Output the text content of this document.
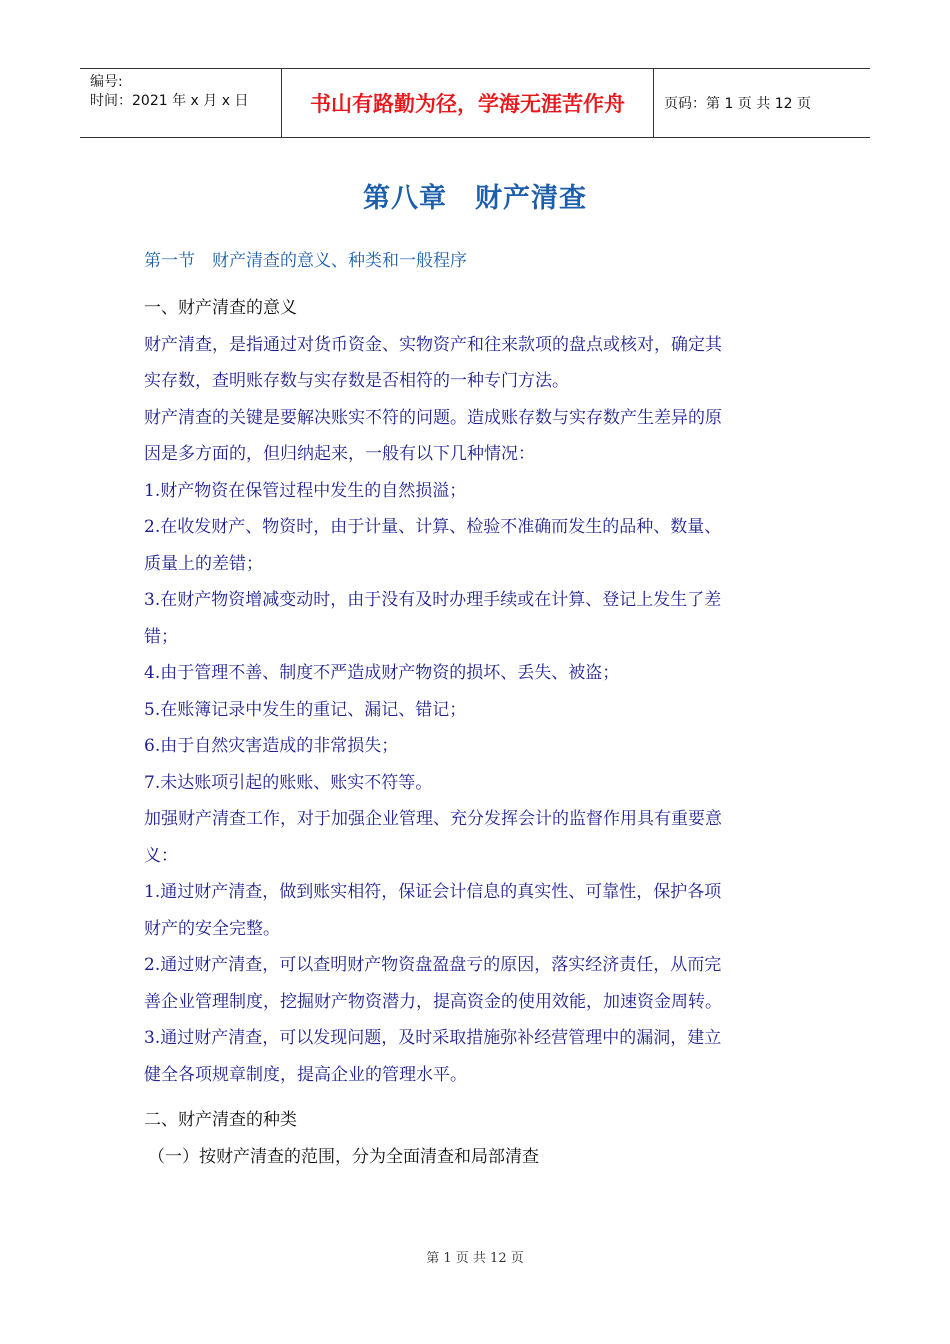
编号:
时间：2021 年 x 月 x 日	书山有路勤为径，学海无涯苦作舟	页码：第 1 页 共 12 页
第八章　财产清查
第一节　财产清查的意义、种类和一般程序

一、财产清查的意义

财产清查，是指通过对货币资金、实物资产和往来款项的盘点或核对，确定其

实存数，查明账存数与实存数是否相符的一种专门方法。

财产清查的关键是要解决账实不符的问题。造成账存数与实存数产生差异的原

因是多方面的，但归纳起来，一般有以下几种情况：

1.财产物资在保管过程中发生的自然损溢；

2.在收发财产、物资时，由于计量、计算、检验不准确而发生的品种、数量、

质量上的差错；

3.在财产物资增减变动时，由于没有及时办理手续或在计算、登记上发生了差

错；

4.由于管理不善、制度不严造成财产物资的损坏、丢失、被盗；

5.在账簿记录中发生的重记、漏记、错记；

6.由于自然灾害造成的非常损失；

7.未达账项引起的账账、账实不符等。

加强财产清查工作，对于加强企业管理、充分发挥会计的监督作用具有重要意

义：

1.通过财产清查，做到账实相符，保证会计信息的真实性、可靠性，保护各项

财产的安全完整。

2.通过财产清查，可以查明财产物资盘盈盘亏的原因，落实经济责任，从而完

善企业管理制度，挖掘财产物资潜力，提高资金的使用效能，加速资金周转。

3.通过财产清查，可以发现问题，及时采取措施弥补经营管理中的漏洞，建立

健全各项规章制度，提高企业的管理水平。

二、财产清查的种类

（一）按财产清查的范围，分为全面清查和局部清查

第 1 页 共 12 页
